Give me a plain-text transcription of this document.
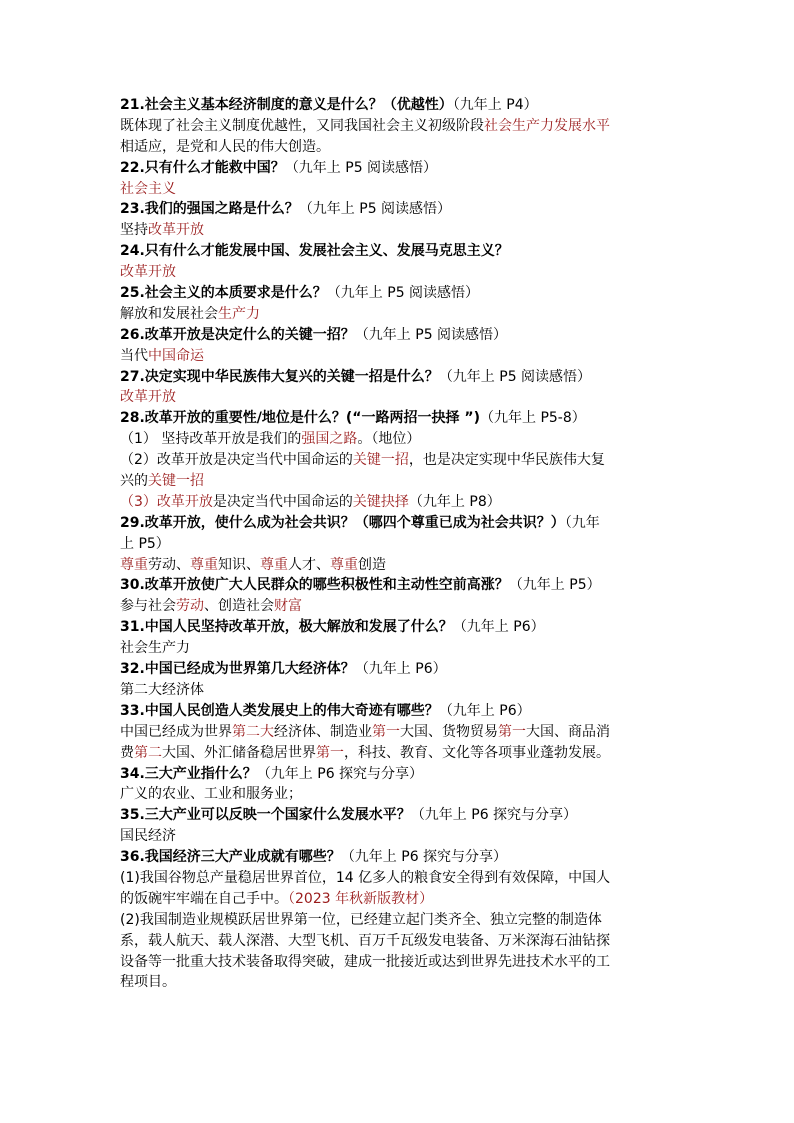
21.社会主义基本经济制度的意义是什么？（优越性）（九年上 P4）

既体现了社会主义制度优越性，又同我国社会主义初级阶段社会生产力发展水平

相适应，是党和人民的伟大创造。

22.只有什么才能救中国？（九年上 P5 阅读感悟）

社会主义

23.我们的强国之路是什么？（九年上 P5 阅读感悟）

坚持改革开放

24.只有什么才能发展中国、发展社会主义、发展马克思主义？

改革开放

25.社会主义的本质要求是什么？（九年上 P5 阅读感悟）

解放和发展社会生产力

26.改革开放是决定什么的关键一招？（九年上 P5 阅读感悟）

当代中国命运

27.决定实现中华民族伟大复兴的关键一招是什么？（九年上 P5 阅读感悟）

改革开放

28.改革开放的重要性/地位是什么？(“一路两招一抉择 ”)（九年上 P5-8）

（1） 坚持改革开放是我们的强国之路。（地位）

（2）改革开放是决定当代中国命运的关键一招，也是决定实现中华民族伟大复

兴的关键一招

（3）改革开放是决定当代中国命运的关键抉择（九年上 P8）

29.改革开放，使什么成为社会共识？（哪四个尊重已成为社会共识？）（九年

上 P5）

尊重劳动、尊重知识、尊重人才、尊重创造

30.改革开放使广大人民群众的哪些积极性和主动性空前高涨？（九年上 P5）

参与社会劳动、创造社会财富

31.中国人民坚持改革开放，极大解放和发展了什么？（九年上 P6）

社会生产力

32.中国已经成为世界第几大经济体？（九年上 P6）

第二大经济体

33.中国人民创造人类发展史上的伟大奇迹有哪些？（九年上 P6）

中国已经成为世界第二大经济体、制造业第一大国、货物贸易第一大国、商品消

费第二大国、外汇储备稳居世界第一，科技、教育、文化等各项事业蓬勃发展。

34.三大产业指什么？（九年上 P6 探究与分享）

广义的农业、工业和服务业；

35.三大产业可以反映一个国家什么发展水平？（九年上 P6 探究与分享）

国民经济

36.我国经济三大产业成就有哪些？（九年上 P6 探究与分享）

(1)我国谷物总产量稳居世界首位，14 亿多人的粮食安全得到有效保障，中国人

的饭碗牢牢端在自己手中。（2023 年秋新版教材）

(2)我国制造业规模跃居世界第一位，已经建立起门类齐全、独立完整的制造体

系，载人航天、载人深潜、大型飞机、百万千瓦级发电装备、万米深海石油钻探

设备等一批重大技术装备取得突破，建成一批接近或达到世界先进技术水平的工

程项目。
